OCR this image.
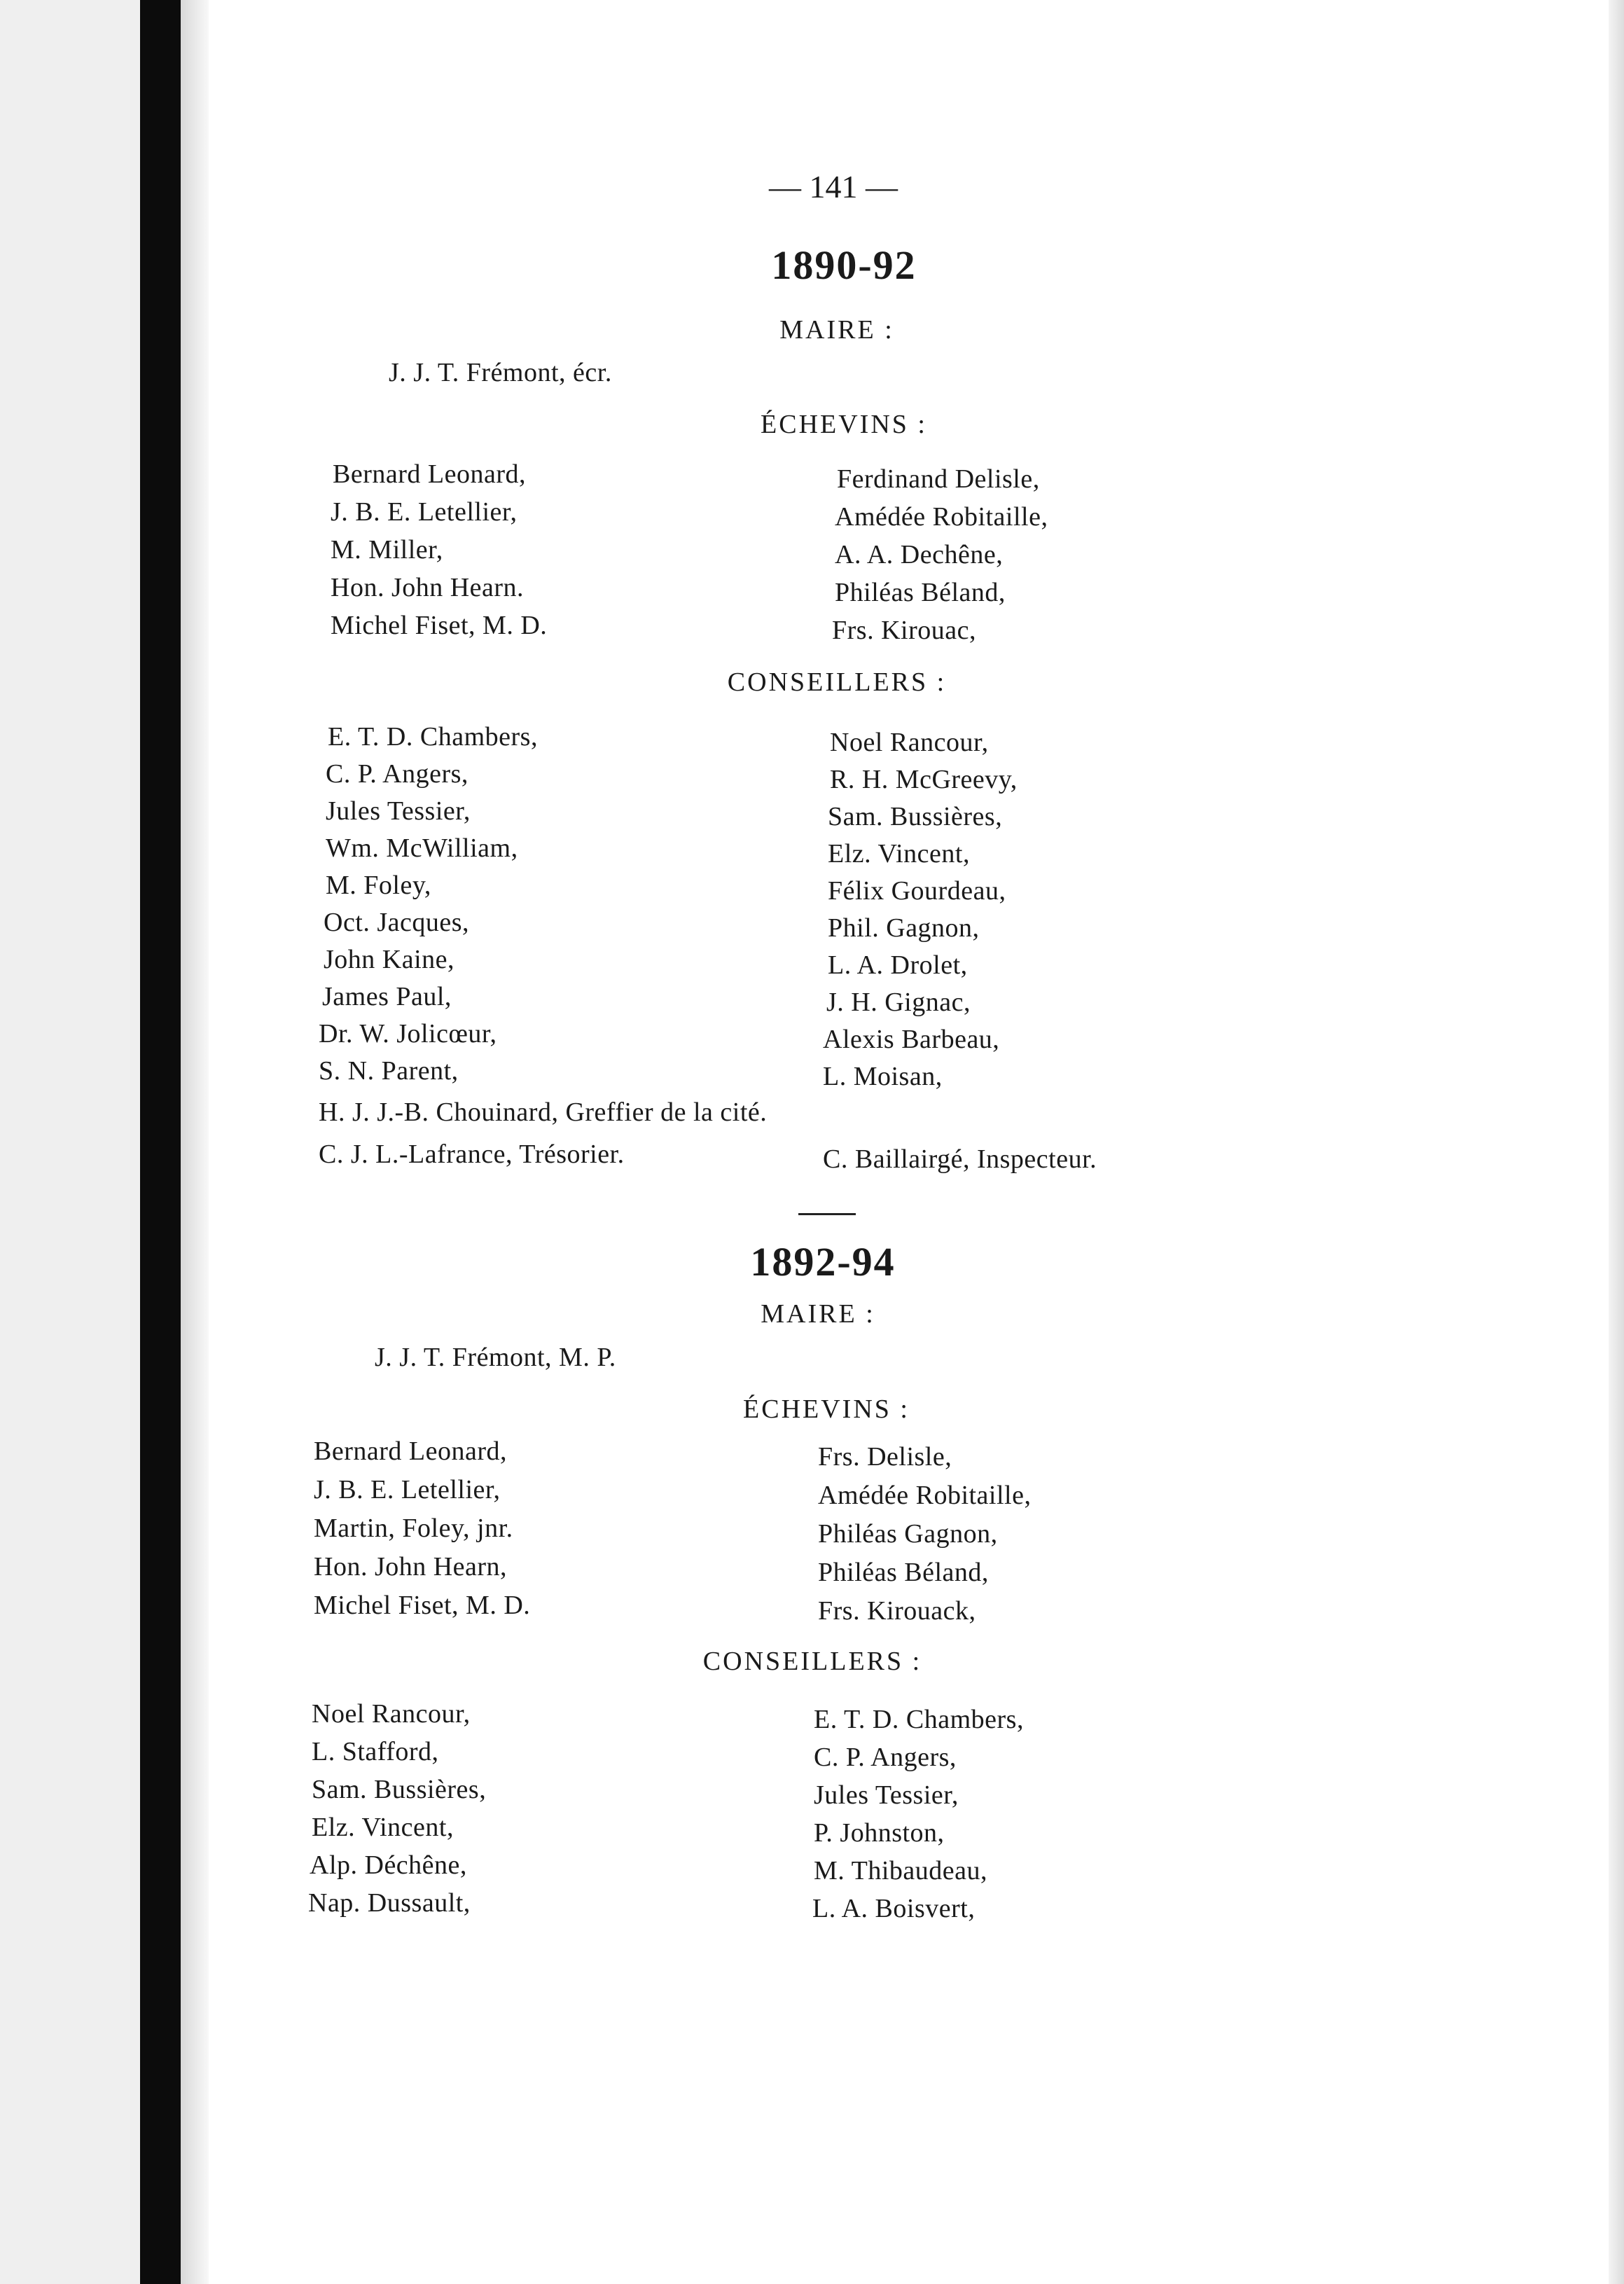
— 141 —
1890-92
MAIRE :
J. J. T. Frémont, écr.
ÉCHEVINS :
Bernard Leonard,
J. B. E. Letellier,
M. Miller,
Hon. John Hearn.
Michel Fiset, M. D.
Ferdinand Delisle,
Amédée Robitaille,
A. A. Dechêne,
Philéas Béland,
Frs. Kirouac,
CONSEILLERS :
E. T. D. Chambers,
C. P. Angers,
Jules Tessier,
Wm. McWilliam,
M. Foley,
Oct. Jacques,
John Kaine,
James Paul,
Dr. W. Jolicœur,
S. N. Parent,
Noel Rancour,
R. H. McGreevy,
Sam. Bussières,
Elz. Vincent,
Félix Gourdeau,
Phil. Gagnon,
L. A. Drolet,
J. H. Gignac,
Alexis Barbeau,
L. Moisan,
H. J. J.-B. Chouinard, Greffier de la cité.
C. J. L.-Lafrance, Trésorier.	C. Baillairgé, Inspecteur.
1892-94
MAIRE :
J. J. T. Frémont, M. P.
ÉCHEVINS :
Bernard Leonard,
J. B. E. Letellier,
Martin, Foley, jnr.
Hon. John Hearn,
Michel Fiset, M. D.
Frs. Delisle,
Amédée Robitaille,
Philéas Gagnon,
Philéas Béland,
Frs. Kirouack,
CONSEILLERS :
Noel Rancour,
L. Stafford,
Sam. Bussières,
Elz. Vincent,
Alp. Déchêne,
Nap. Dussault,
E. T. D. Chambers,
C. P. Angers,
Jules Tessier,
P. Johnston,
M. Thibaudeau,
L. A. Boisvert,
